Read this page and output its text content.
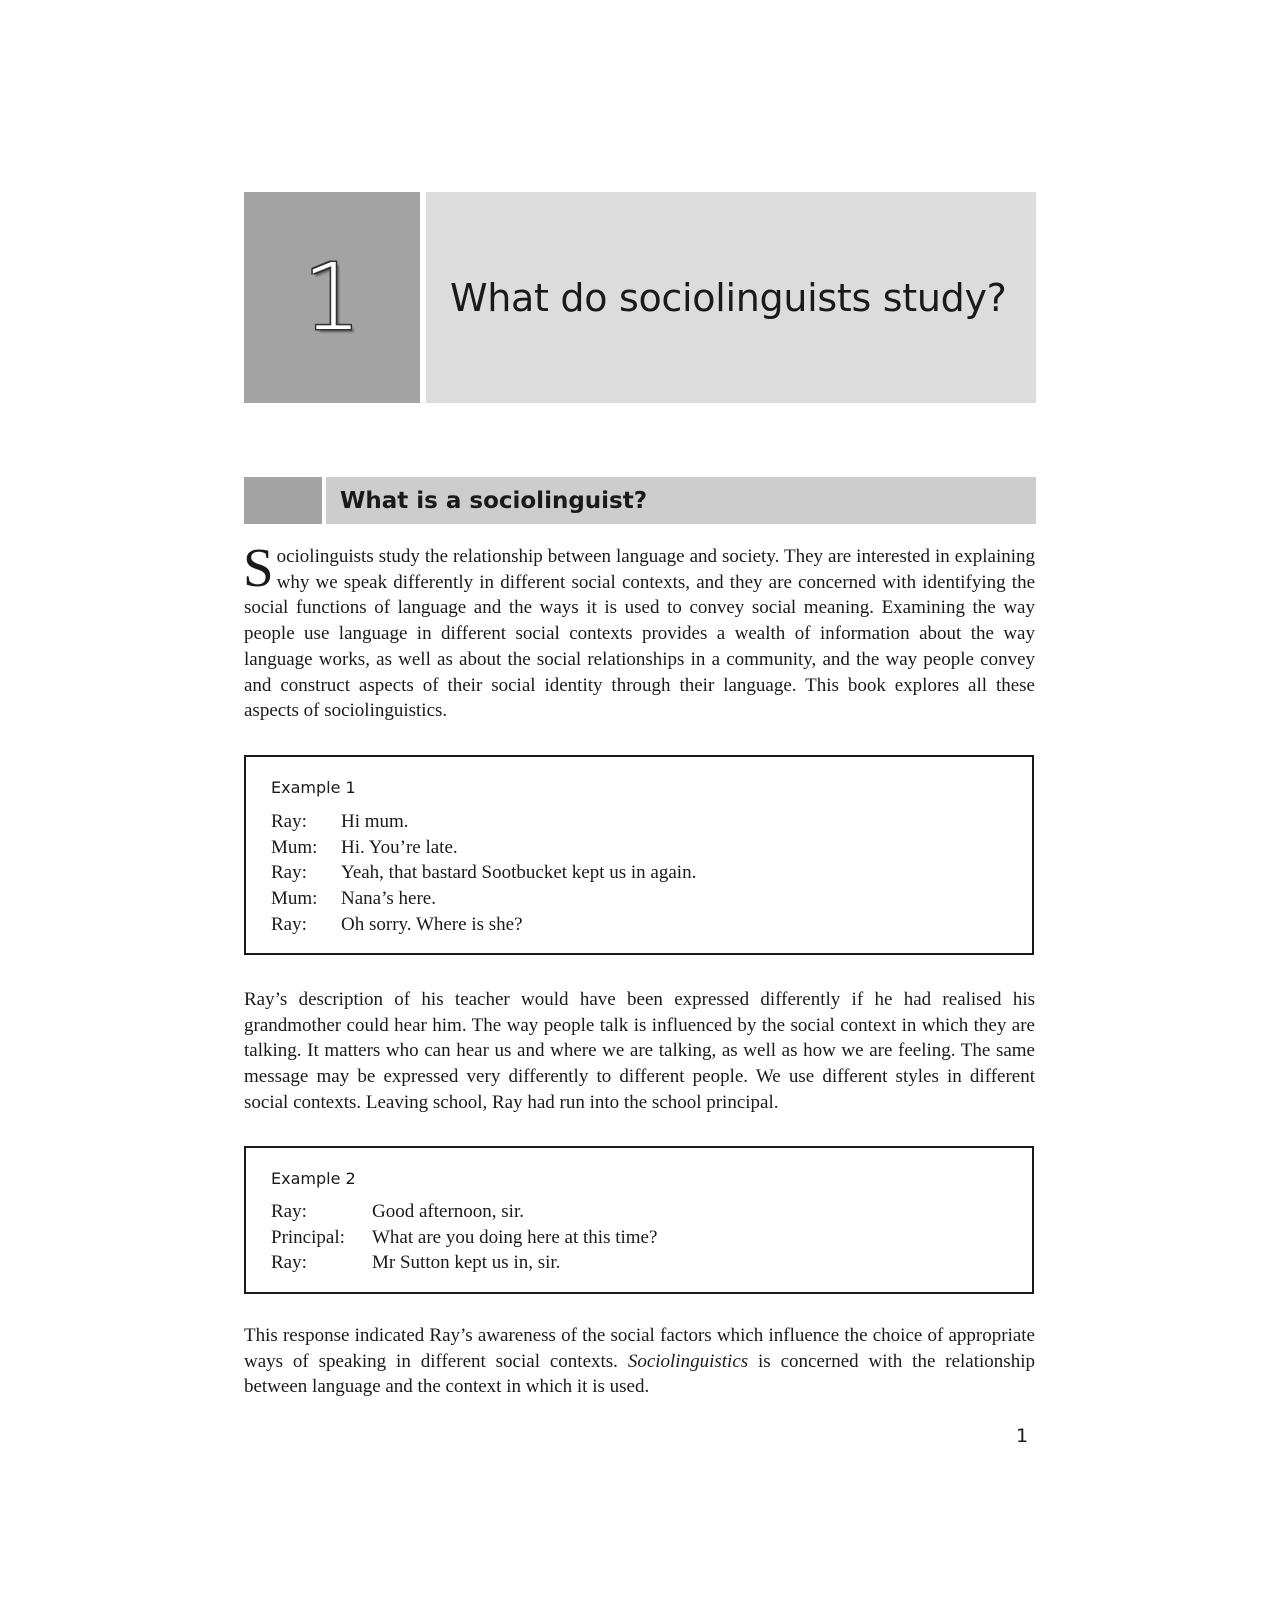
1 What do sociolinguists study?
What is a sociolinguist?

Sociolinguists study the relationship between language and society. They are interested in explaining why we speak differently in different social contexts, and they are concerned with identifying the social functions of language and the ways it is used to convey social meaning. Examining the way people use language in different social contexts provides a wealth of information about the way language works, as well as about the social relationships in a community, and the way people convey and construct aspects of their social identity through their language. This book explores all these aspects of sociolinguistics.

Example 1
Ray: Hi mum.
Mum: Hi. You’re late.
Ray: Yeah, that bastard Sootbucket kept us in again.
Mum: Nana’s here.
Ray: Oh sorry. Where is she?

Ray’s description of his teacher would have been expressed differently if he had realised his grandmother could hear him. The way people talk is influenced by the social context in which they are talking. It matters who can hear us and where we are talking, as well as how we are feeling. The same message may be expressed very differently to different people. We use different styles in different social contexts. Leaving school, Ray had run into the school principal.

Example 2
Ray:	Good afternoon, sir.
Principal: What are you doing here at this time?
Ray:	Mr Sutton kept us in, sir.

This response indicated Ray’s awareness of the social factors which influence the choice of appropriate ways of speaking in different social contexts. Sociolinguistics is concerned with the relationship between language and the context in which it is used.

1
